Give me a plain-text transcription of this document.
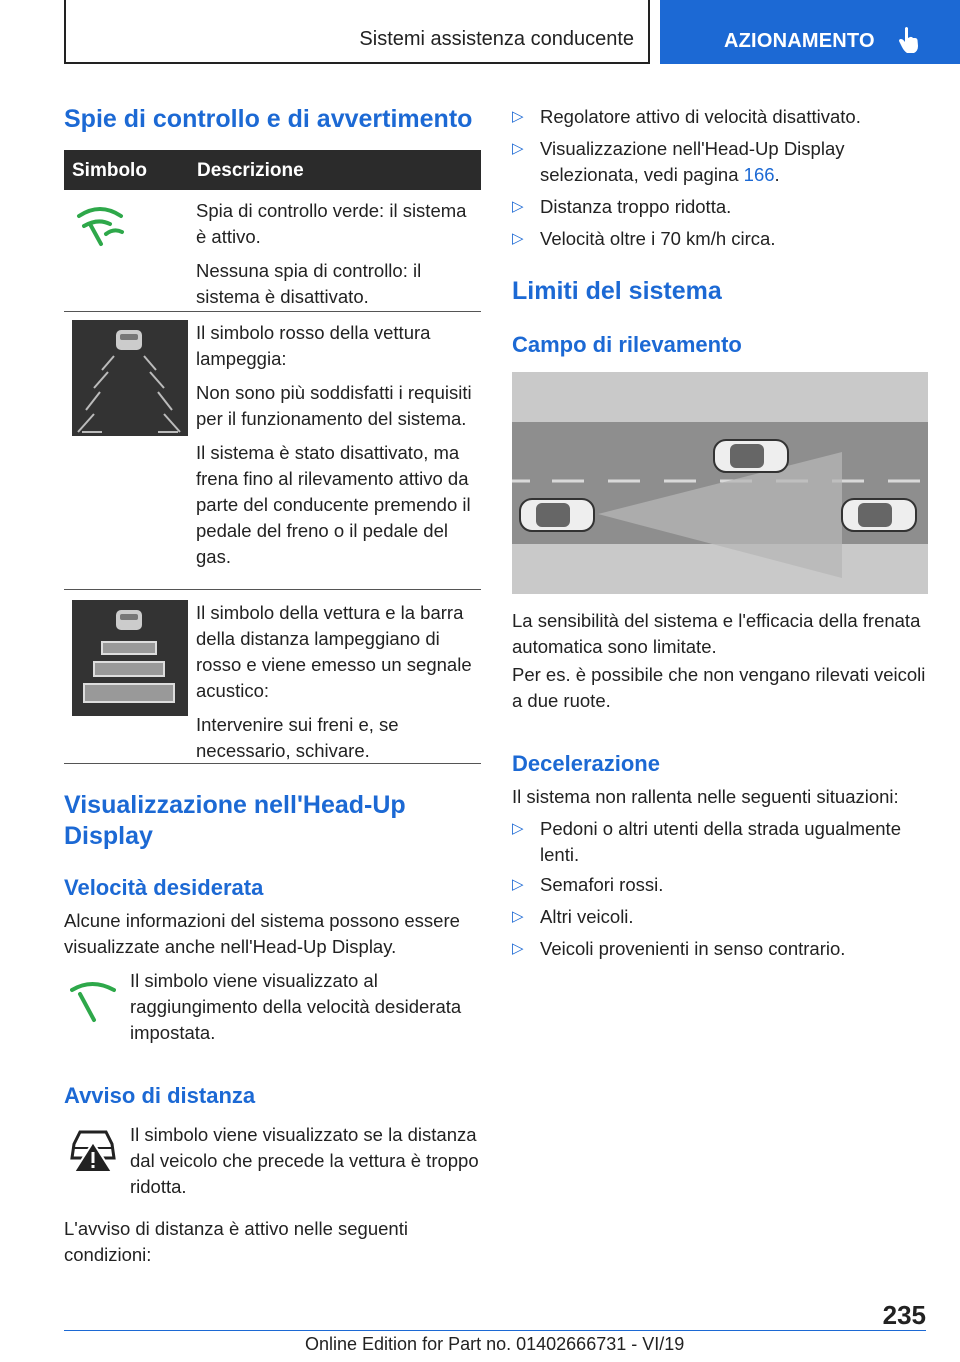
Sistemi assistenza conducente	AZIONAMENTO
Spie di controllo e di avvertimento
Simbolo	Descrizione

Spia di controllo verde: il sistema è attivo.

Nessuna spia di controllo: il sistema è disattivato.

Il simbolo rosso della vettura lampeggia:

Non sono più soddisfatti i requisiti per il funzionamento del sistema.

Il sistema è stato disattivato, ma frena fino al rilevamento attivo da parte del conducente premendo il pedale del freno o il pedale del gas.

Il simbolo della vettura e la barra della distanza lampeggiano di rosso e viene emesso un segnale acustico:

Intervenire sui freni e, se necessario, schivare.

Visualizzazione nell'Head-Up Display
Velocità desiderata

Alcune informazioni del sistema possono essere visualizzate anche nell'Head-Up Display.

Il simbolo viene visualizzato al raggiungimento della velocità desiderata impostata.

Avviso di distanza

Il simbolo viene visualizzato se la distanza dal veicolo che precede la vettura è troppo ridotta.

L'avviso di distanza è attivo nelle seguenti condizioni:

▷ Regolatore attivo di velocità disattivato.
▷ Visualizzazione nell'Head-Up Display selezionata, vedi pagina 166.
▷ Distanza troppo ridotta.
▷ Velocità oltre i 70 km/h circa.
Limiti del sistema
Campo di rilevamento

La sensibilità del sistema e l'efficacia della frenata automatica sono limitate.

Per es. è possibile che non vengano rilevati veicoli a due ruote.

Decelerazione

Il sistema non rallenta nelle seguenti situazioni:

▷ Pedoni o altri utenti della strada ugualmente lenti.
▷ Semafori rossi.
▷ Altri veicoli.
▷ Veicoli provenienti in senso contrario.
235
Online Edition for Part no. 01402666731 - VI/19
